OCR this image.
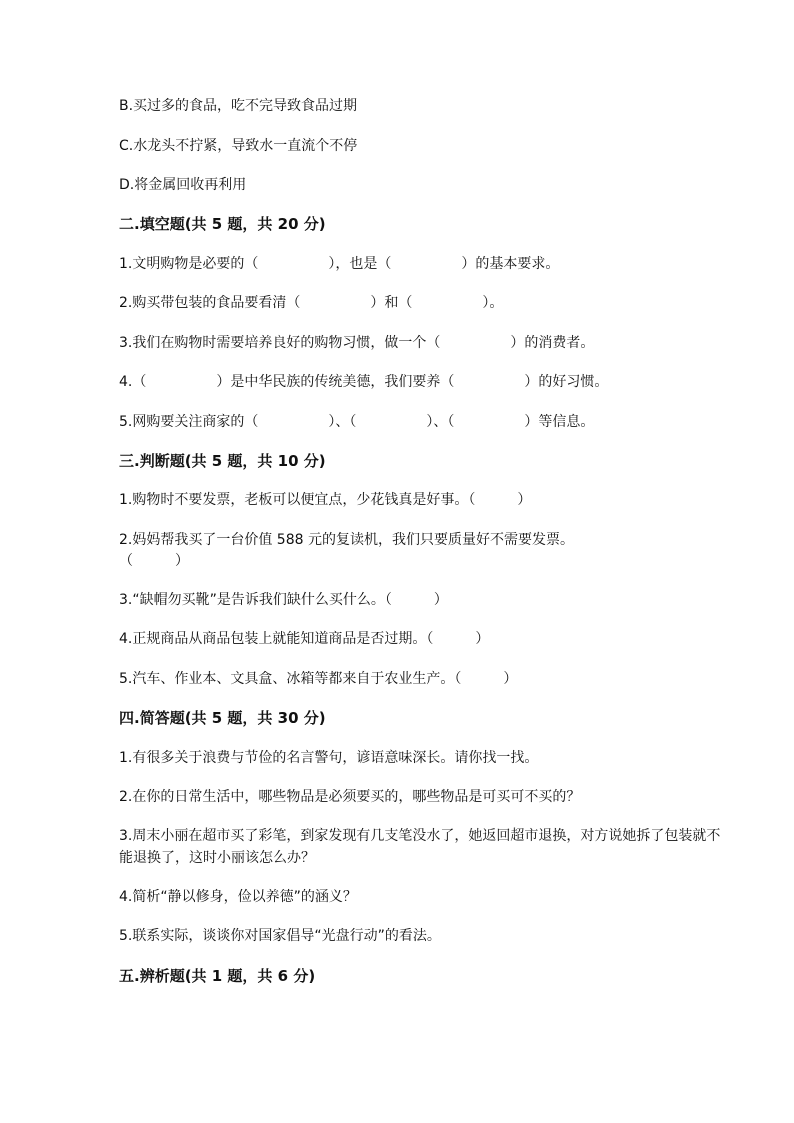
B.买过多的食品，吃不完导致食品过期
C.水龙头不拧紧，导致水一直流个不停
D.将金属回收再利用
二.填空题(共 5 题，共 20 分)
1.文明购物是必要的（　　　　　），也是（　　　　　）的基本要求。
2.购买带包装的食品要看清（　　　　　）和（　　　　　）。
3.我们在购物时需要培养良好的购物习惯，做一个（　　　　　）的消费者。
4.（　　　　　）是中华民族的传统美德，我们要养（　　　　　）的好习惯。
5.网购要关注商家的（　　　　　）、（　　　　　）、（　　　　　）等信息。
三.判断题(共 5 题，共 10 分)
1.购物时不要发票，老板可以便宜点，少花钱真是好事。（　　　）
2.妈妈帮我买了一台价值 588 元的复读机，我们只要质量好不需要发票。
（　　　）
3.“缺帽勿买靴”是告诉我们缺什么买什么。（　　　）
4.正规商品从商品包装上就能知道商品是否过期。（　　　）
5.汽车、作业本、文具盒、冰箱等都来自于农业生产。（　　　）
四.简答题(共 5 题，共 30 分)
1.有很多关于浪费与节俭的名言警句，谚语意味深长。请你找一找。
2.在你的日常生活中，哪些物品是必须要买的，哪些物品是可买可不买的？
3.周末小丽在超市买了彩笔，到家发现有几支笔没水了，她返回超市退换，对方说她拆了包装就不能退换了，这时小丽该怎么办？
4.简析“静以修身，俭以养德”的涵义？
5.联系实际，谈谈你对国家倡导“光盘行动”的看法。
五.辨析题(共 1 题，共 6 分)
